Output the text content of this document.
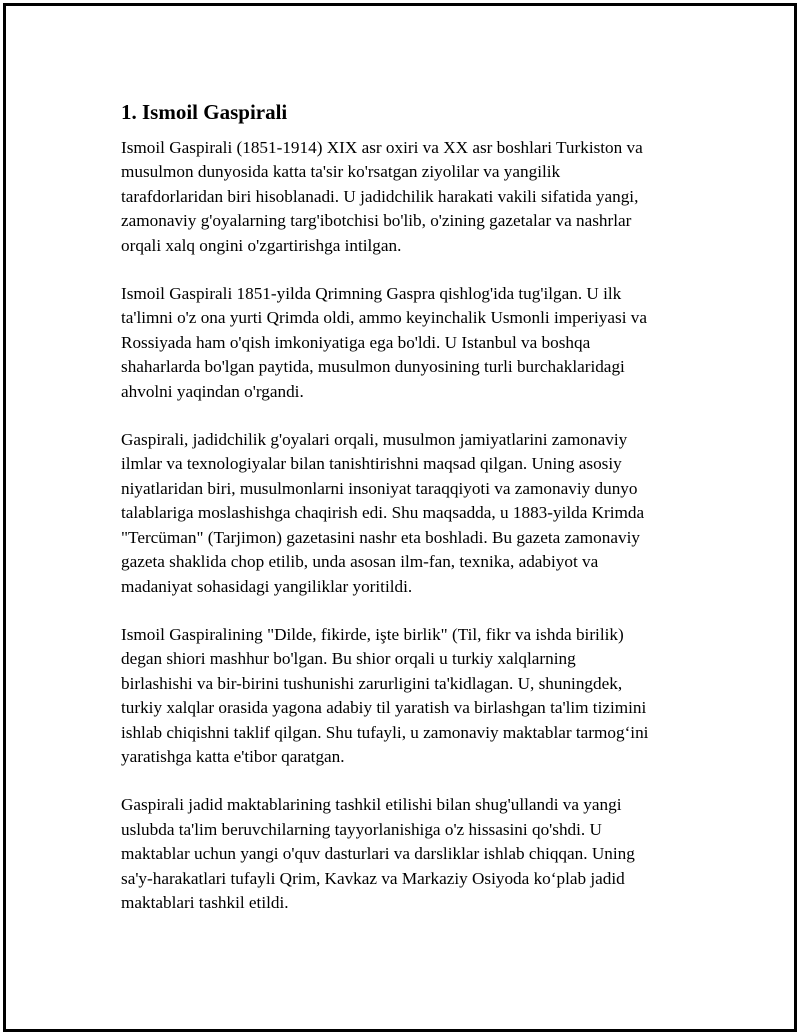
1. Ismoil Gaspirali

Ismoil Gaspirali (1851-1914) XIX asr oxiri va XX asr boshlari Turkiston va
musulmon dunyosida katta ta'sir ko'rsatgan ziyolilar va yangilik
tarafdorlaridan biri hisoblanadi. U jadidchilik harakati vakili sifatida yangi,
zamonaviy g'oyalarning targ'ibotchisi bo'lib, o'zining gazetalar va nashrlar
orqali xalq ongini o'zgartirishga intilgan.

Ismoil Gaspirali 1851-yilda Qrimning Gaspra qishlog'ida tug'ilgan. U ilk
ta'limni o'z ona yurti Qrimda oldi, ammo keyinchalik Usmonli imperiyasi va
Rossiyada ham o'qish imkoniyatiga ega bo'ldi. U Istanbul va boshqa
shaharlarda bo'lgan paytida, musulmon dunyosining turli burchaklaridagi
ahvolni yaqindan o'rgandi.

Gaspirali, jadidchilik g'oyalari orqali, musulmon jamiyatlarini zamonaviy
ilmlar va texnologiyalar bilan tanishtirishni maqsad qilgan. Uning asosiy
niyatlaridan biri, musulmonlarni insoniyat taraqqiyoti va zamonaviy dunyo
talablariga moslashishga chaqirish edi. Shu maqsadda, u 1883-yilda Krimda
"Tercüman" (Tarjimon) gazetasini nashr eta boshladi. Bu gazeta zamonaviy
gazeta shaklida chop etilib, unda asosan ilm-fan, texnika, adabiyot va
madaniyat sohasidagi yangiliklar yoritildi.

Ismoil Gaspiralining "Dilde, fikirde, işte birlik" (Til, fikr va ishda birilik)
degan shiori mashhur bo'lgan. Bu shior orqali u turkiy xalqlarning
birlashishi va bir-birini tushunishi zarurligini ta'kidlagan. U, shuningdek,
turkiy xalqlar orasida yagona adabiy til yaratish va birlashgan ta'lim tizimini
ishlab chiqishni taklif qilgan. Shu tufayli, u zamonaviy maktablar tarmog‘ini
yaratishga katta e'tibor qaratgan.

Gaspirali jadid maktablarining tashkil etilishi bilan shug'ullandi va yangi
uslubda ta'lim beruvchilarning tayyorlanishiga o'z hissasini qo'shdi. U
maktablar uchun yangi o'quv dasturlari va darsliklar ishlab chiqqan. Uning
sa'y-harakatlari tufayli Qrim, Kavkaz va Markaziy Osiyoda ko‘plab jadid
maktablari tashkil etildi.
